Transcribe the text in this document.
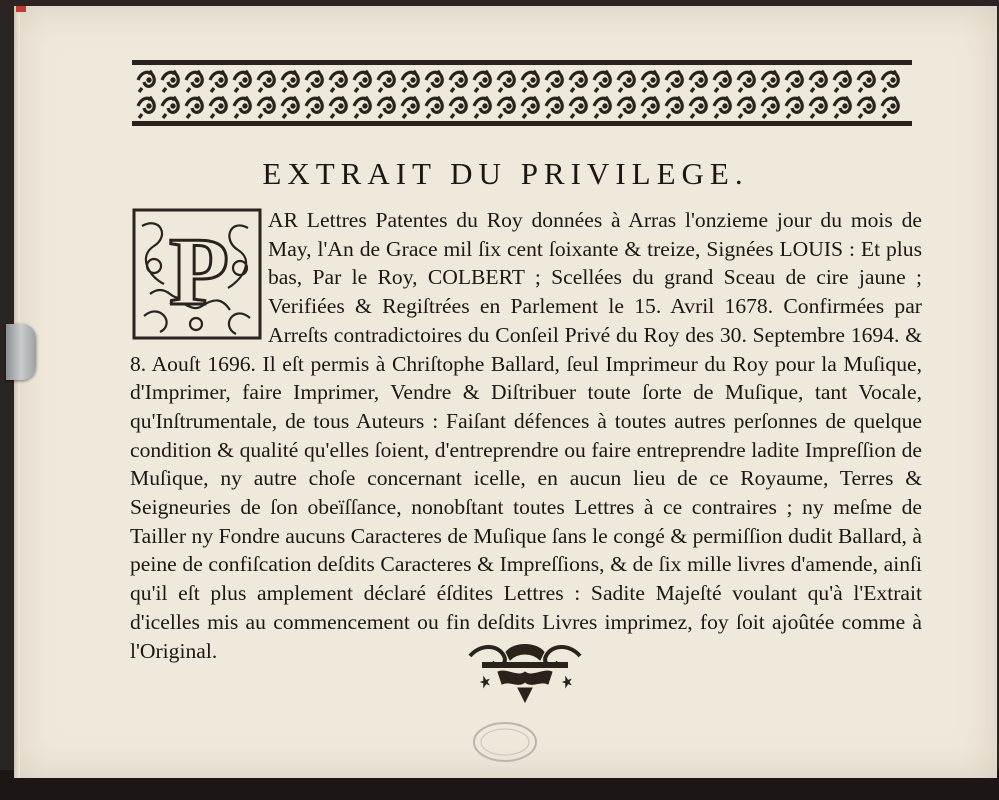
EXTRAIT DU PRIVILEGE.
P AR Lettres Patentes du Roy données à Arras l'onzieme jour du mois de May, l'An de Grace mil ſix cent ſoixante & treize, Signées LOUIS : Et plus bas, Par le Roy, COLBERT ; Scellées du grand Sceau de cire jaune ; Verifiées & Regiſtrées en Parlement le 15. Avril 1678. Confirmées par Arreſts contradictoires du Conſeil Privé du Roy des 30. Septembre 1694. & 8. Aouſt 1696. Il eſt permis à Chriſtophe Ballard, ſeul Imprimeur du Roy pour la Muſique, d'Imprimer, faire Imprimer, Vendre & Diſtribuer toute ſorte de Muſique, tant Vocale, qu'Inſtrumentale, de tous Auteurs : Faiſant défences à toutes autres perſonnes de quelque condition & qualité qu'elles ſoient, d'entreprendre ou faire entreprendre ladite Impreſſion de Muſique, ny autre choſe concernant icelle, en aucun lieu de ce Royaume, Terres & Seigneuries de ſon obeïſſance, nonobſtant toutes Lettres à ce contraires ; ny meſme de Tailler ny Fondre aucuns Caracteres de Muſique ſans le congé & permiſſion dudit Ballard, à peine de confiſcation deſdits Caracteres & Impreſſions, & de ſix mille livres d'amende, ainſi qu'il eſt plus amplement déclaré éſdites Lettres : Sadite Majeſté voulant qu'à l'Extrait d'icelles mis au commencement ou fin deſdits Livres imprimez, foy ſoit ajoûtée comme à l'Original.
